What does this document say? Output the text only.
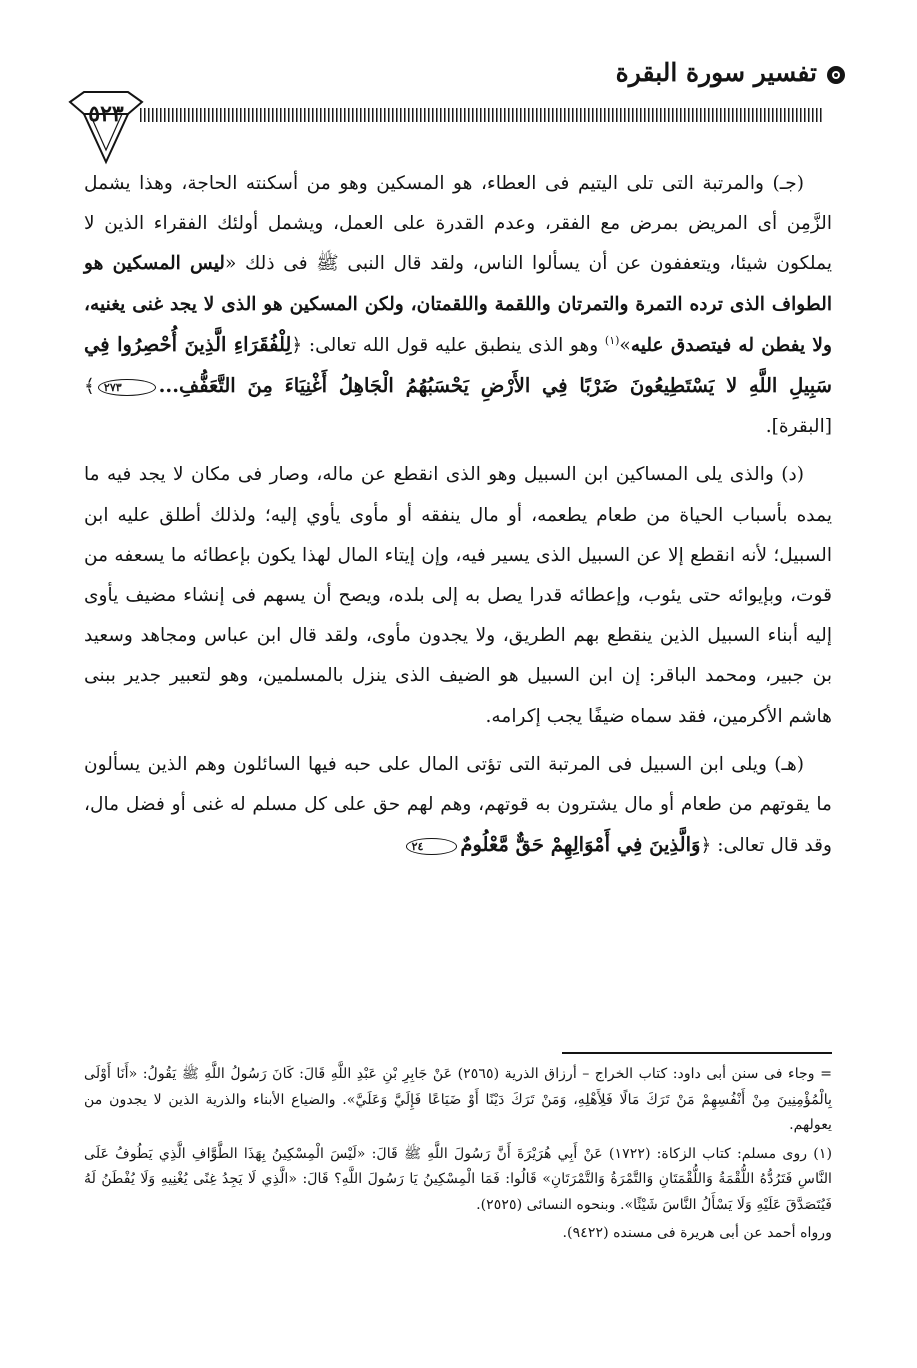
تفسير سورة البقرة
٥٢٣

(جـ) والمرتبة التى تلى اليتيم فى العطاء، هو المسكين وهو من أسكنته الحاجة، وهذا يشمل الزَّمِن أى المريض بمرض مع الفقر، وعدم القدرة على العمل، ويشمل أولئك الفقراء الذين لا يملكون شيئا، ويتعففون عن أن يسألوا الناس، ولقد قال النبى ﷺ فى ذلك «ليس المسكين هو الطواف الذى ترده التمرة والتمرتان واللقمة واللقمتان، ولكن المسكين هو الذى لا يجد غنى يغنيه، ولا يفطن له فيتصدق عليه»$^{(١)}$ وهو الذى ينطبق عليه قول الله تعالى: ﴿لِلْفُقَرَاءِ الَّذِينَ أُحْصِرُوا فِي سَبِيلِ اللَّهِ لا يَسْتَطِيعُونَ ضَرْبًا فِي الأَرْضِ يَحْسَبُهُمُ الْجَاهِلُ أَغْنِيَاءَ مِنَ التَّعَفُّفِ...٢٧٣﴾ [البقرة].

(د) والذى يلى المساكين ابن السبيل وهو الذى انقطع عن ماله، وصار فى مكان لا يجد فيه ما يمده بأسباب الحياة من طعام يطعمه، أو مال ينفقه أو مأوى يأوي إليه؛ ولذلك أطلق عليه ابن السبيل؛ لأنه انقطع إلا عن السبيل الذى يسير فيه، وإن إيتاء المال لهذا يكون بإعطائه ما يسعفه من قوت، وبإيوائه حتى يئوب، وإعطائه قدرا يصل به إلى بلده، ويصح أن يسهم فى إنشاء مضيف يأوى إليه أبناء السبيل الذين ينقطع بهم الطريق، ولا يجدون مأوى، ولقد قال ابن عباس ومجاهد وسعيد بن جبير، ومحمد الباقر: إن ابن السبيل هو الضيف الذى ينزل بالمسلمين، وهو لتعبير جدير ببنى هاشم الأكرمين، فقد سماه ضيفًا يجب إكرامه.

(هـ) ويلى ابن السبيل فى المرتبة التى تؤتى المال على حبه فيها السائلون وهم الذين يسألون ما يقوتهم من طعام أو مال يشترون به قوتهم، وهم لهم حق على كل مسلم له غنى أو فضل مال، وقد قال تعالى: ﴿وَالَّذِينَ فِي أَمْوَالِهِمْ حَقٌّ مَّعْلُومٌ٢٤

= وجاء فى سنن أبى داود: كتاب الخراج – أرزاق الذرية (٢٥٦٥) عَنْ جَابِرِ بْنِ عَبْدِ اللَّهِ قَالَ: كَانَ رَسُولُ اللَّهِ ﷺ يَقُولُ: «أَنَا أَوْلَى بِالْمُؤْمِنِينَ مِنْ أَنْفُسِهِمْ مَنْ تَرَكَ مَالًا فَلِأَهْلِهِ، وَمَنْ تَرَكَ دَيْنًا أَوْ ضَيَاعًا فَإِلَيَّ وَعَلَيَّ». والضياع الأبناء والذرية الذين لا يجدون من يعولهم.

(١) روى مسلم: كتاب الزكاة: (١٧٢٢) عَنْ أَبِي هُرَيْرَةَ أَنَّ رَسُولَ اللَّهِ ﷺ قَالَ: «لَيْسَ الْمِسْكِينُ بِهَذَا الطَّوَّافِ الَّذِي يَطُوفُ عَلَى النَّاسِ فَتَرُدُّهُ اللُّقْمَةُ وَاللُّقْمَتَانِ وَالتَّمْرَةُ وَالتَّمْرَتَانِ» قَالُوا: فَمَا الْمِسْكِينُ يَا رَسُولَ اللَّهِ؟ قَالَ: «الَّذِي لَا يَجِدُ غِنًى يُغْنِيهِ وَلَا يُفْطَنُ لَهُ فَيُتَصَدَّقَ عَلَيْهِ وَلَا يَسْأَلُ النَّاسَ شَيْئًا». وبنحوه النسائى (٢٥٢٥).

ورواه أحمد عن أبى هريرة فى مسنده (٩٤٢٢).
